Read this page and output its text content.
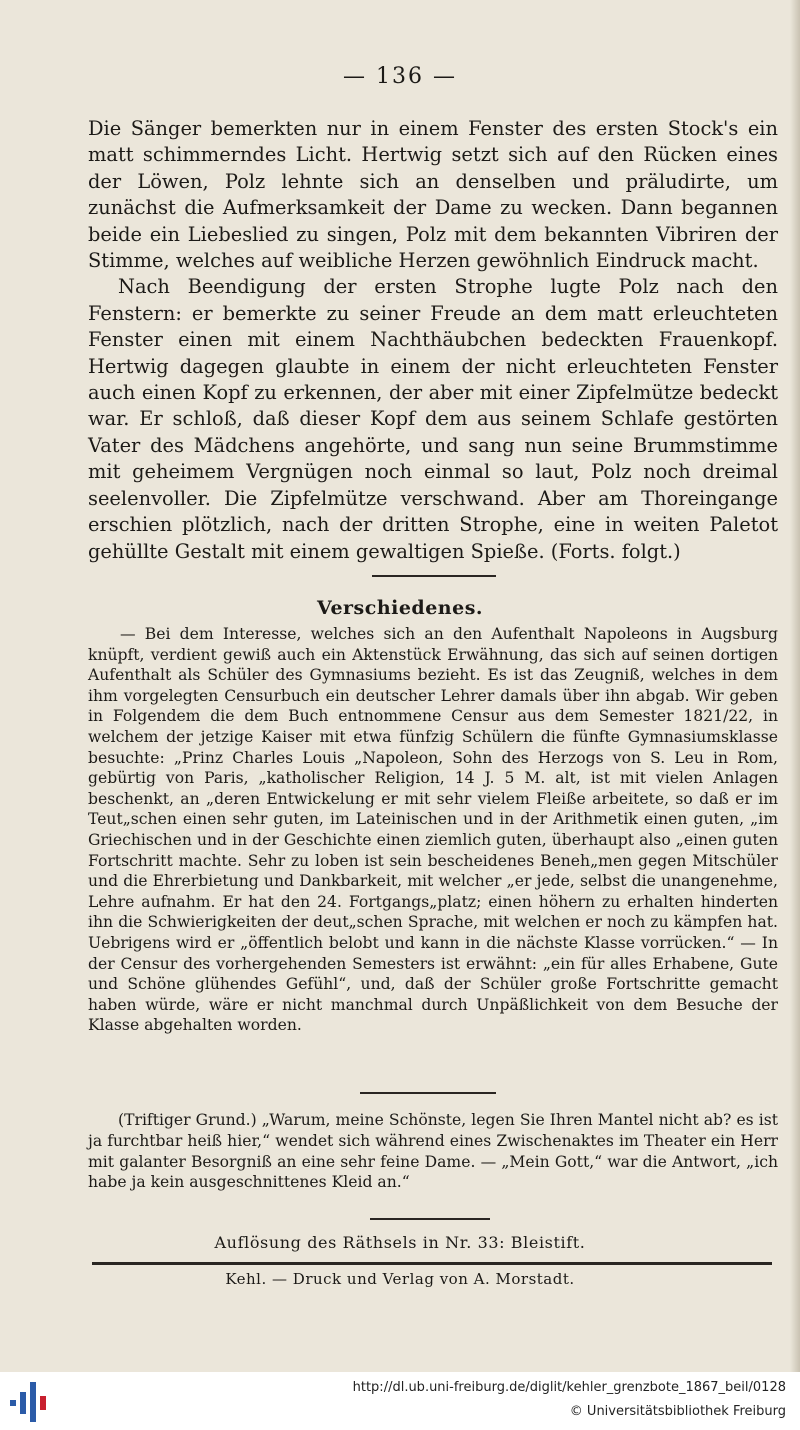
— 136 —

Die Sänger bemerkten nur in einem Fenster des ersten Stock's ein matt schimmerndes Licht. Hertwig setzt sich auf den Rücken eines der Löwen, Polz lehnte sich an denselben und präludirte, um zunächst die Aufmerksamkeit der Dame zu wecken. Dann begannen beide ein Liebeslied zu singen, Polz mit dem bekannten Vibriren der Stimme, welches auf weibliche Herzen gewöhnlich Eindruck macht.

Nach Beendigung der ersten Strophe lugte Polz nach den Fenstern: er bemerkte zu seiner Freude an dem matt erleuchteten Fenster einen mit einem Nachthäubchen bedeckten Frauenkopf. Hertwig dagegen glaubte in einem der nicht erleuchteten Fenster auch einen Kopf zu erkennen, der aber mit einer Zipfelmütze bedeckt war. Er schloß, daß dieser Kopf dem aus seinem Schlafe gestörten Vater des Mädchens angehörte, und sang nun seine Brummstimme mit geheimem Vergnügen noch einmal so laut, Polz noch dreimal seelenvoller. Die Zipfelmütze verschwand. Aber am Thoreingange erschien plötzlich, nach der dritten Strophe, eine in weiten Paletot gehüllte Gestalt mit einem gewaltigen Spieße. (Forts. folgt.)

Verschiedenes.

— Bei dem Interesse, welches sich an den Aufenthalt Napoleons in Augsburg knüpft, verdient gewiß auch ein Aktenstück Erwähnung, das sich auf seinen dortigen Aufenthalt als Schüler des Gymnasiums bezieht. Es ist das Zeugniß, welches in dem ihm vorgelegten Censurbuch ein deutscher Lehrer damals über ihn abgab. Wir geben in Folgendem die dem Buch entnommene Censur aus dem Semester 1821/22, in welchem der jetzige Kaiser mit etwa fünfzig Schülern die fünfte Gymnasiumsklasse besuchte: „Prinz Charles Louis „Napoleon, Sohn des Herzogs von S. Leu in Rom, gebürtig von Paris, „katholischer Religion, 14 J. 5 M. alt, ist mit vielen Anlagen beschenkt, an „deren Entwickelung er mit sehr vielem Fleiße arbeitete, so daß er im Teut„schen einen sehr guten, im Lateinischen und in der Arithmetik einen guten, „im Griechischen und in der Geschichte einen ziemlich guten, überhaupt also „einen guten Fortschritt machte. Sehr zu loben ist sein bescheidenes Beneh„men gegen Mitschüler und die Ehrerbietung und Dankbarkeit, mit welcher „er jede, selbst die unangenehme, Lehre aufnahm. Er hat den 24. Fortgangs„platz; einen höhern zu erhalten hinderten ihn die Schwierigkeiten der deut„schen Sprache, mit welchen er noch zu kämpfen hat. Uebrigens wird er „öffentlich belobt und kann in die nächste Klasse vorrücken.“ — In der Censur des vorhergehenden Semesters ist erwähnt: „ein für alles Erhabene, Gute und Schöne glühendes Gefühl“, und, daß der Schüler große Fortschritte gemacht haben würde, wäre er nicht manchmal durch Unpäßlichkeit von dem Besuche der Klasse abgehalten worden.

(Triftiger Grund.) „Warum, meine Schönste, legen Sie Ihren Mantel nicht ab? es ist ja furchtbar heiß hier,“ wendet sich während eines Zwischenaktes im Theater ein Herr mit galanter Besorgniß an eine sehr feine Dame. — „Mein Gott,“ war die Antwort, „ich habe ja kein ausgeschnittenes Kleid an.“

Auflösung des Räthsels in Nr. 33: Bleistift.
Kehl. — Druck und Verlag von A. Morstadt.
http://dl.ub.uni-freiburg.de/diglit/kehler_grenzbote_1867_beil/0128
© Universitätsbibliothek Freiburg
